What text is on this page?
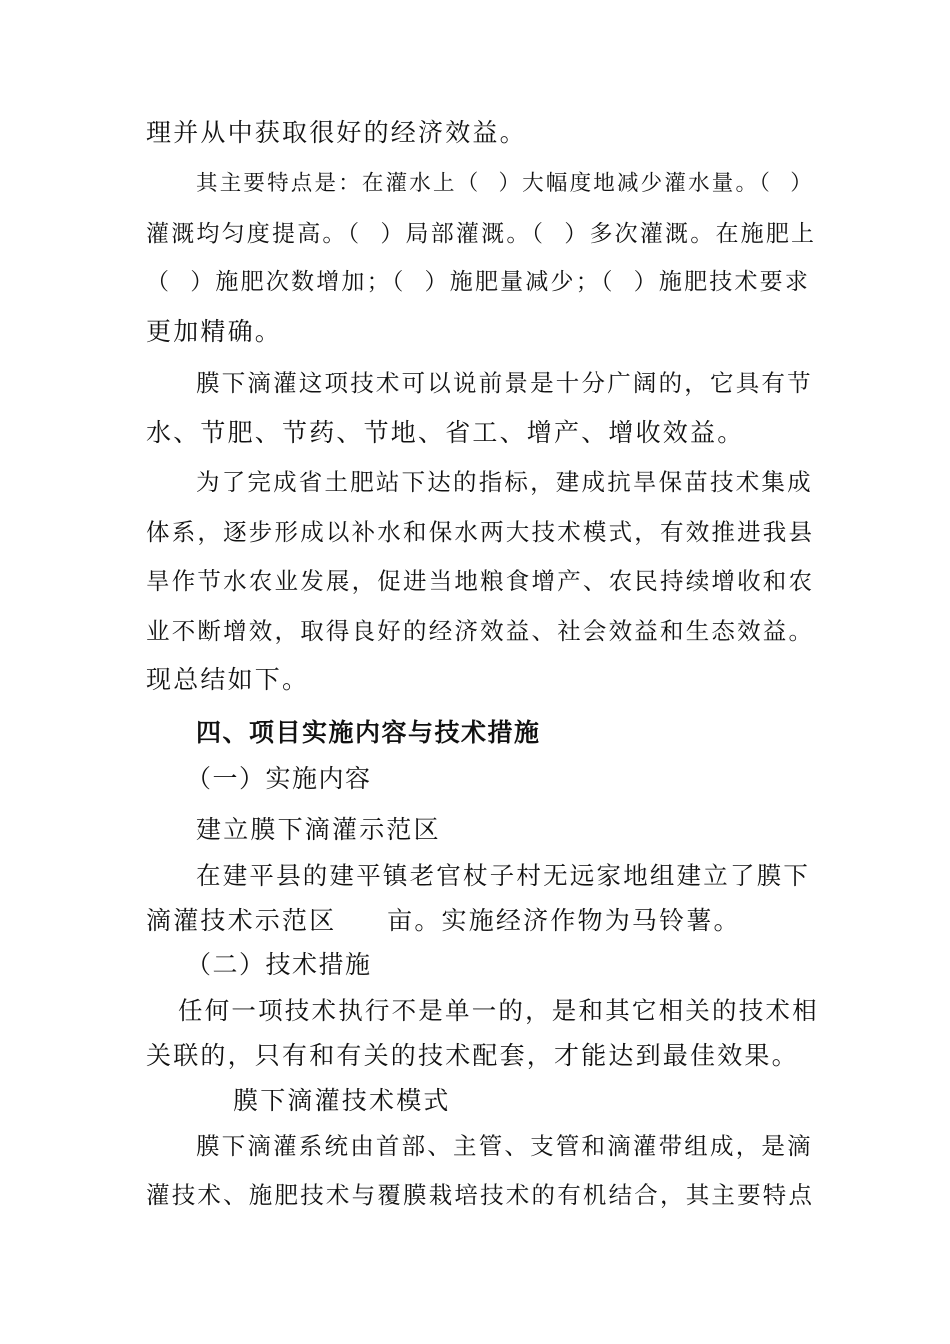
理并从中获取很好的经济效益。
其主要特点是：在灌水上（  ）大幅度地减少灌水量。（  ）
灌溉均匀度提高。（  ）局部灌溉。（  ）多次灌溉。在施肥上
（  ）施肥次数增加；（  ）施肥量减少；（  ）施肥技术要求
更加精确。
膜下滴灌这项技术可以说前景是十分广阔的，它具有节
水、节肥、节药、节地、省工、增产、增收效益。
为了完成省土肥站下达的指标，建成抗旱保苗技术集成
体系，逐步形成以补水和保水两大技术模式，有效推进我县
旱作节水农业发展，促进当地粮食增产、农民持续增收和农
业不断增效，取得良好的经济效益、社会效益和生态效益。
现总结如下。
四、项目实施内容与技术措施
（一）实施内容
建立膜下滴灌示范区
在建平县的建平镇老官杖子村无远家地组建立了膜下
滴灌技术示范区     亩。实施经济作物为马铃薯。
（二）技术措施
任何一项技术执行不是单一的，是和其它相关的技术相
关联的，只有和有关的技术配套，才能达到最佳效果。
膜下滴灌技术模式
膜下滴灌系统由首部、主管、支管和滴灌带组成，是滴
灌技术、施肥技术与覆膜栽培技术的有机结合，其主要特点
